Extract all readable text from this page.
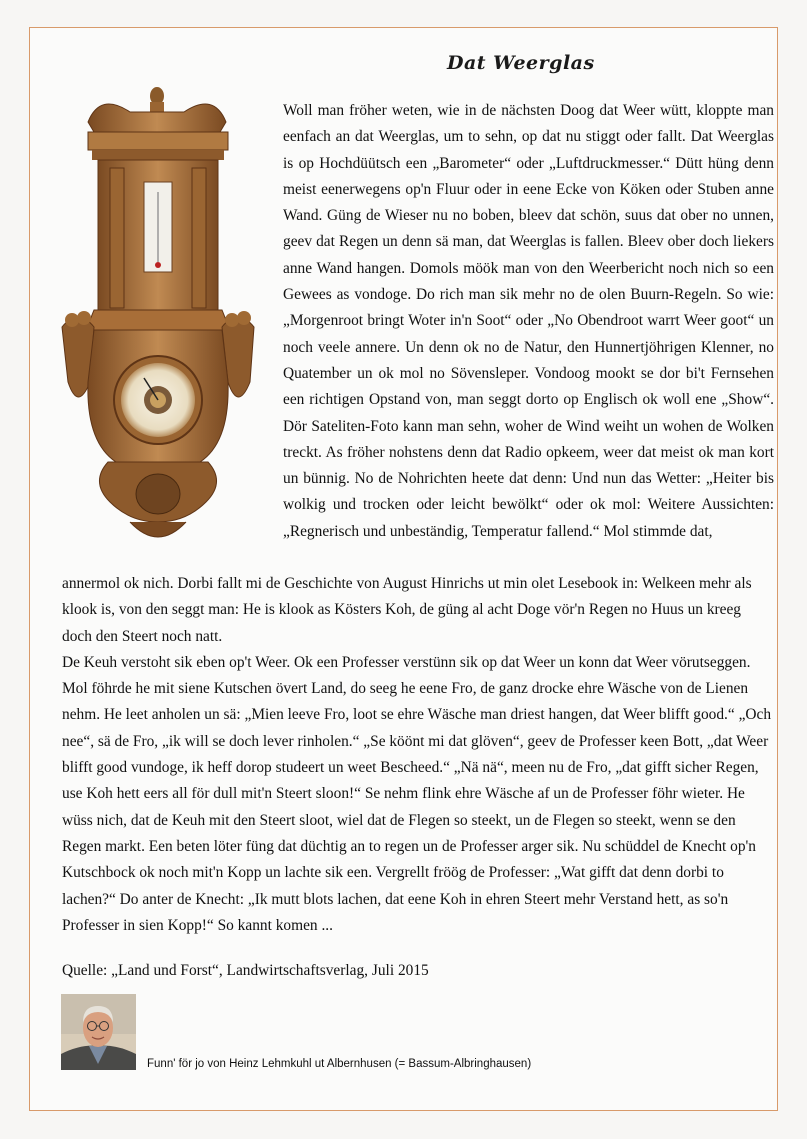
Dat Weerglas

Woll man fröher weten, wie in de nächsten Doog dat Weer wütt, kloppte man eenfach an dat Weerglas, um to sehn, op dat nu stiggt oder fallt. Dat Weerglas is op Hochdüütsch een „Barometer“ oder „Luftdruckmesser.“ Dütt hüng denn meist eenerwegens op'n Fluur oder in eene Ecke von Köken oder Stuben anne Wand. Güng de Wieser nu no boben, bleev dat schön, suus dat ober no unnen, geev dat Regen un denn sä man, dat Weerglas is fallen. Bleev ober doch liekers anne Wand hangen. Domols möök man von den Weerbericht noch nich so een Gewees as vondoge. Do rich man sik mehr no de olen Buurn-Regeln. So wie: „Morgenroot bringt Woter in'n Soot“ oder „No Obendroot warrt Weer goot“ un noch veele annere. Un denn ok no de Natur, den Hunnertjöhrigen Klenner, no Quatember un ok mol no Sövensleper. Vondoog mookt se dor bi't Fernsehen een richtigen Opstand von, man seggt dorto op Englisch ok woll ene „Show“. Dör Sateliten-Foto kann man sehn, woher de Wind weiht un wohen de Wolken treckt. As fröher nohstens denn dat Radio opkeem, weer dat meist ok man kort un bünnig. No de Nohrichten heete dat denn: Und nun das Wetter: „Heiter bis wolkig und trocken oder leicht bewölkt“ oder ok mol: Weitere Aussichten: „Regnerisch und unbeständig, Temperatur fallend.“ Mol stimmde dat,

annermol ok nich. Dorbi fallt mi de Geschichte von August Hinrichs ut min olet Lesebook in: Welkeen mehr als klook is, von den seggt man: He is klook as Kösters Koh, de güng al acht Doge vör'n Regen no Huus un kreeg doch den Steert noch natt.
De Keuh verstoht sik eben op't Weer. Ok een Professer verstünn sik op dat Weer un konn dat Weer vörutseggen. Mol föhrde he mit siene Kutschen övert Land, do seeg he eene Fro, de ganz drocke ehre Wäsche von de Lienen nehm. He leet anholen un sä: „Mien leeve Fro, loot se ehre Wäsche man driest hangen, dat Weer blifft good.“ „Och nee“, sä de Fro, „ik will se doch lever rinholen.“ „Se köönt mi dat glöven“, geev de Professer keen Bott, „dat Weer blifft good vundoge, ik heff dorop studeert un weet Bescheed.“ „Nä nä“, meen nu de Fro, „dat gifft sicher Regen, use Koh hett eers all för dull mit'n Steert sloon!“ Se nehm flink ehre Wäsche af un de Professer föhr wieter. He wüss nich, dat de Keuh mit den Steert sloot, wiel dat de Flegen so steekt, un de Flegen so steekt, wenn se den Regen markt. Een beten löter füng dat düchtig an to regen un de Professer arger sik. Nu schüddel de Knecht op'n Kutschbock ok noch mit'n Kopp un lachte sik een. Vergrellt fröög de Professer: „Wat gifft dat denn dorbi to lachen?“ Do anter de Knecht: „Ik mutt blots lachen, dat eene Koh in ehren Steert mehr Verstand hett, as so'n Professer in sien Kopp!“ So kannt komen ...

Quelle: „Land und Forst“, Landwirtschaftsverlag, Juli 2015

Funn' för jo von Heinz Lehmkuhl ut Albernhusen (= Bassum-Albringhausen)
